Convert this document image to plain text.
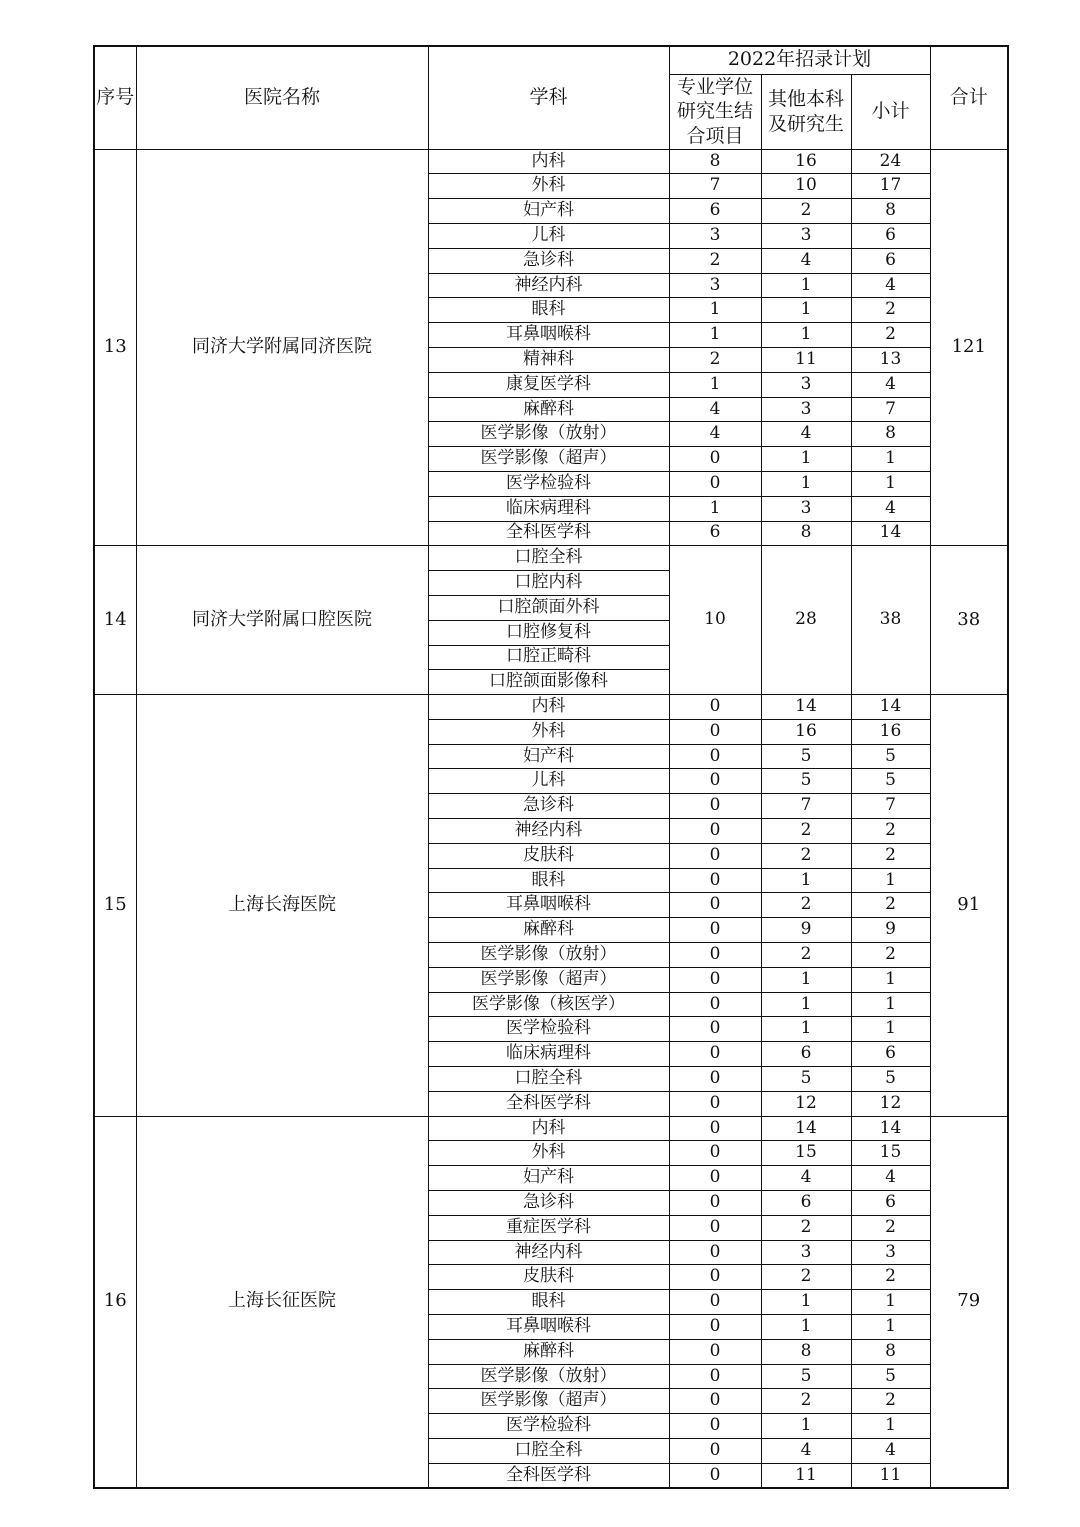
序号	医院名称	学科	2022年招录计划			合计
			专业学位研究生结合项目	其他本科及研究生	小计	
13	同济大学附属同济医院	内科	8	16	24	121
		外科	7	10	17	
		妇产科	6	2	8	
		儿科	3	3	6	
		急诊科	2	4	6	
		神经内科	3	1	4	
		眼科	1	1	2	
		耳鼻咽喉科	1	1	2	
		精神科	2	11	13	
		康复医学科	1	3	4	
		麻醉科	4	3	7	
		医学影像（放射）	4	4	8	
		医学影像（超声）	0	1	1	
		医学检验科	0	1	1	
		临床病理科	1	3	4	
		全科医学科	6	8	14	
14	同济大学附属口腔医院	口腔全科	10	28	38	38
		口腔内科				
		口腔颌面外科				
		口腔修复科				
		口腔正畸科				
		口腔颌面影像科				
15	上海长海医院	内科	0	14	14	91
		外科	0	16	16	
		妇产科	0	5	5	
		儿科	0	5	5	
		急诊科	0	7	7	
		神经内科	0	2	2	
		皮肤科	0	2	2	
		眼科	0	1	1	
		耳鼻咽喉科	0	2	2	
		麻醉科	0	9	9	
		医学影像（放射）	0	2	2	
		医学影像（超声）	0	1	1	
		医学影像（核医学）	0	1	1	
		医学检验科	0	1	1	
		临床病理科	0	6	6	
		口腔全科	0	5	5	
		全科医学科	0	12	12	
16	上海长征医院	内科	0	14	14	79
		外科	0	15	15	
		妇产科	0	4	4	
		急诊科	0	6	6	
		重症医学科	0	2	2	
		神经内科	0	3	3	
		皮肤科	0	2	2	
		眼科	0	1	1	
		耳鼻咽喉科	0	1	1	
		麻醉科	0	8	8	
		医学影像（放射）	0	5	5	
		医学影像（超声）	0	2	2	
		医学检验科	0	1	1	
		口腔全科	0	4	4	
		全科医学科	0	11	11	
